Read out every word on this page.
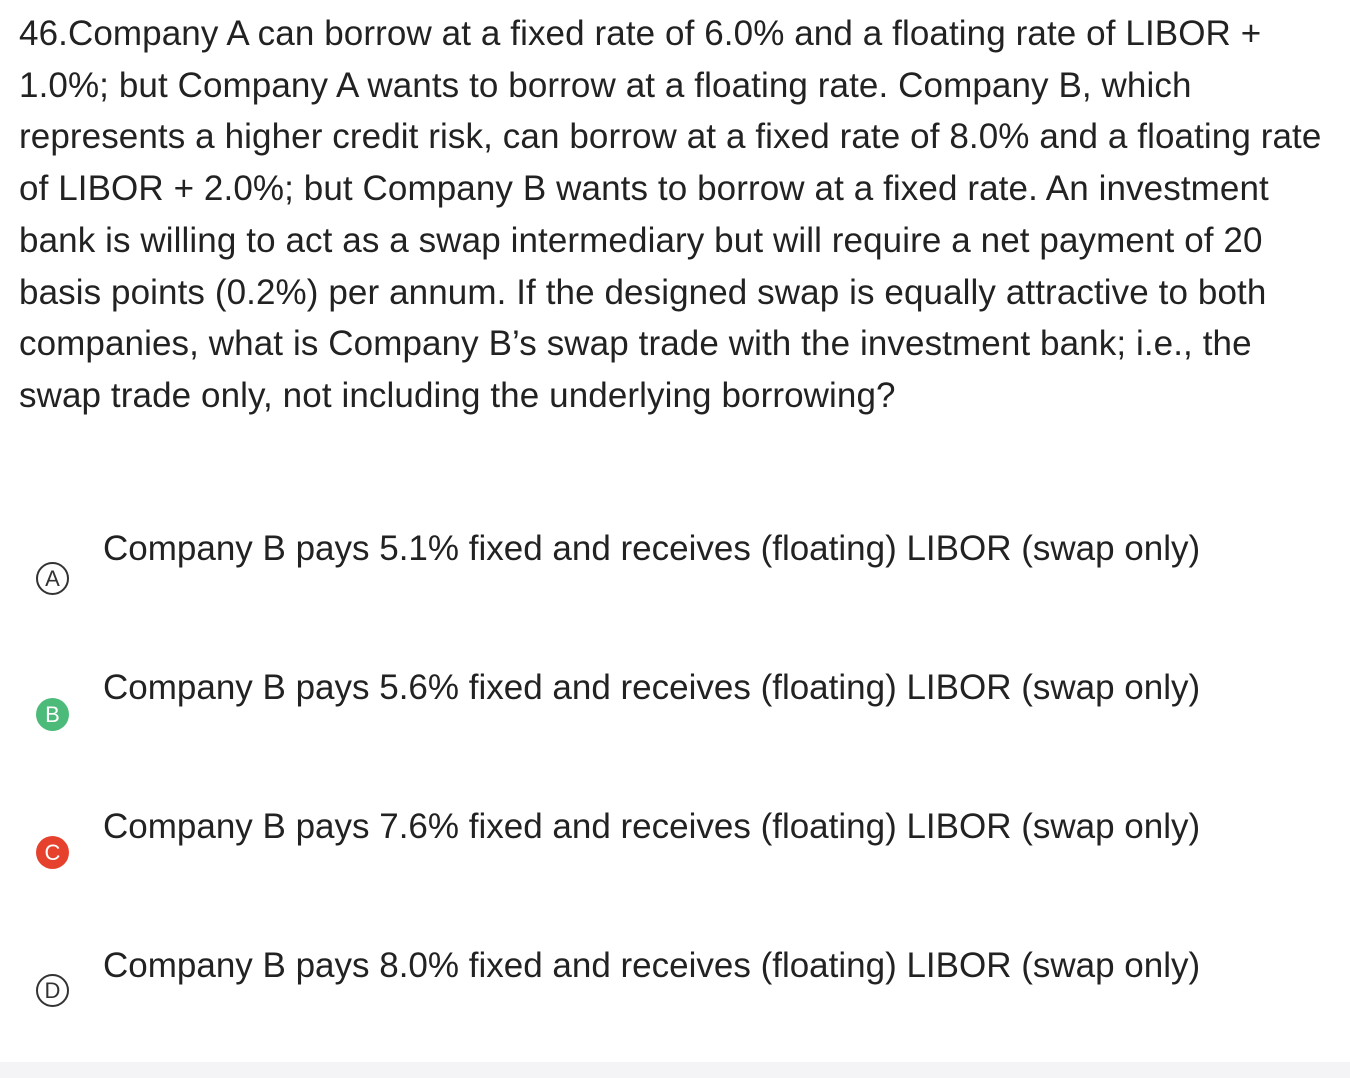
46.Company A can borrow at a fixed rate of 6.0% and a floating rate of LIBOR + 1.0%; but Company A wants to borrow at a floating rate. Company B, which represents a higher credit risk, can borrow at a fixed rate of 8.0% and a floating rate of LIBOR + 2.0%; but Company B wants to borrow at a fixed rate. An investment bank is willing to act as a swap intermediary but will require a net payment of 20 basis points (0.2%) per annum. If the designed swap is equally attractive to both companies, what is Company B’s swap trade with the investment bank; i.e., the swap trade only, not including the underlying borrowing?

A
Company B pays 5.1% fixed and receives (floating) LIBOR (swap only)
B
Company B pays 5.6% fixed and receives (floating) LIBOR (swap only)
C
Company B pays 7.6% fixed and receives (floating) LIBOR (swap only)
D
Company B pays 8.0% fixed and receives (floating) LIBOR (swap only)
